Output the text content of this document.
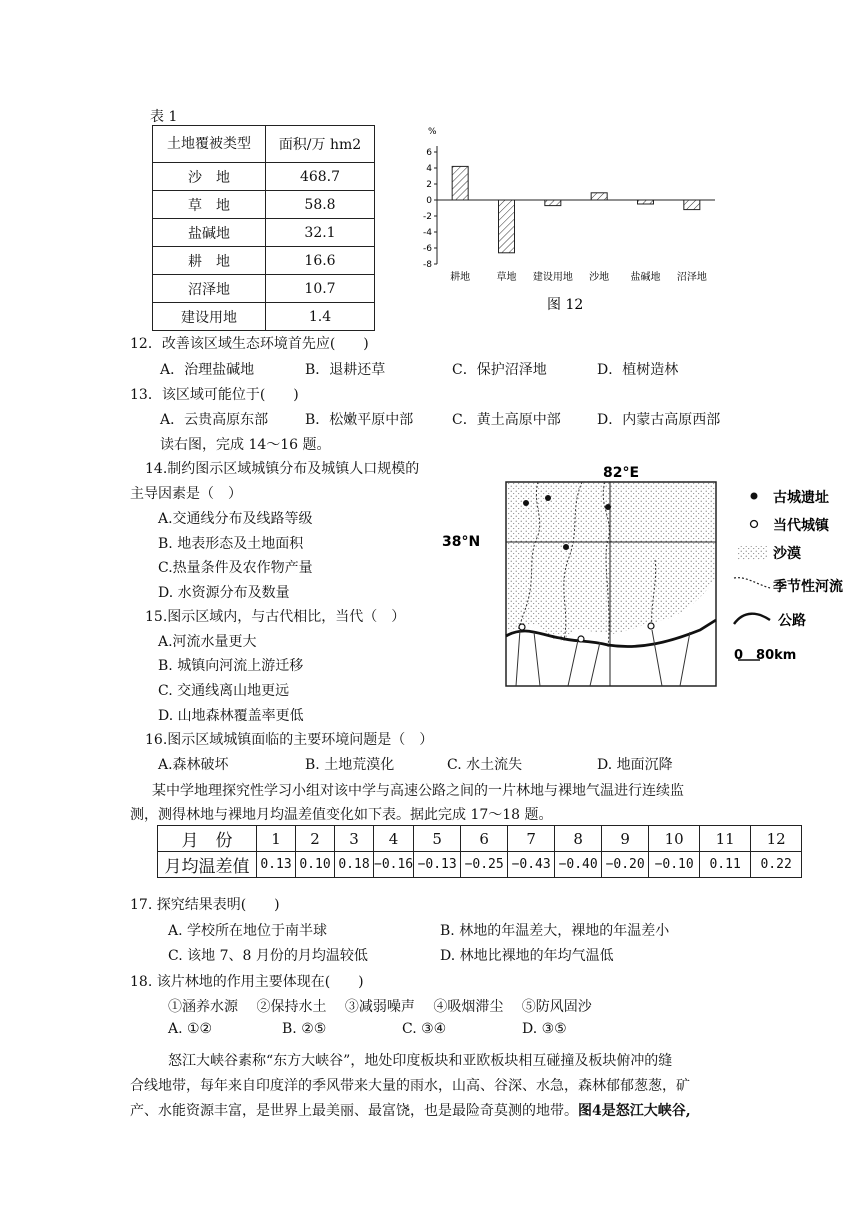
表 1
土地覆被类型	面积/万 hm2
沙　地	468.7
草　地	58.8
盐碱地	32.1
耕　地	16.6
沼泽地	10.7
建设用地	1.4
6
4
2
0
-2
-4
-6
-8
耕地	草地 建设用地 沙地 盐碱地 沼泽地
%
图 12
12．改善该区域生态环境首先应(　　)
A．治理盐碱地	B．退耕还草	C．保护沼泽地	D．植树造林
13．该区域可能位于(　　)
A．云贵高原东部	B．松嫩平原中部	C．黄土高原中部	D．内蒙古高原西部
读右图，完成 14～16 题。
14.制约图示区域城镇分布及城镇人口规模的
主导因素是（　）
A.交通线分布及线路等级
B. 地表形态及土地面积
C.热量条件及农作物产量
D. 水资源分布及数量
15.图示区域内，与古代相比，当代（　）
A.河流水量更大
B. 城镇向河流上游迁移
C. 交通线离山地更远
D. 山地森林覆盖率更低
16.图示区域城镇面临的主要环境问题是（　）
A.森林破坏	B. 土地荒漠化	C. 水土流失	D. 地面沉降
82°E
38°N
古城遗址
当代城镇
沙漠
季节性河流
公路
0　80km
某中学地理探究性学习小组对该中学与高速公路之间的一片林地与裸地气温进行连续监
测，测得林地与裸地月均温差值变化如下表。据此完成 17～18 题。
月　份	1	2	3	4	5	6	7	8	9	10	11	12
月均温差值	0.13	0.10	0.18	−0.16	−0.13	−0.25	−0.43	−0.40	−0.20	−0.10	0.11	0.22
17. 探究结果表明(　　)
A. 学校所在地位于南半球	B. 林地的年温差大，裸地的年温差小
C. 该地 7、8 月份的月均温较低	D. 林地比裸地的年均气温低
18. 该片林地的作用主要体现在(　　)
①涵养水源　 ②保持水土　 ③减弱噪声　 ④吸烟滞尘　 ⑤防风固沙
A. ①②	B. ②⑤	C. ③④	D. ③⑤
怒江大峡谷素称“东方大峡谷”，地处印度板块和亚欧板块相互碰撞及板块俯冲的缝
合线地带，每年来自印度洋的季风带来大量的雨水，山高、谷深、水急，森林郁郁葱葱，矿
产、水能资源丰富，是世界上最美丽、最富饶，也是最险奇莫测的地带。图4是怒江大峡谷,
